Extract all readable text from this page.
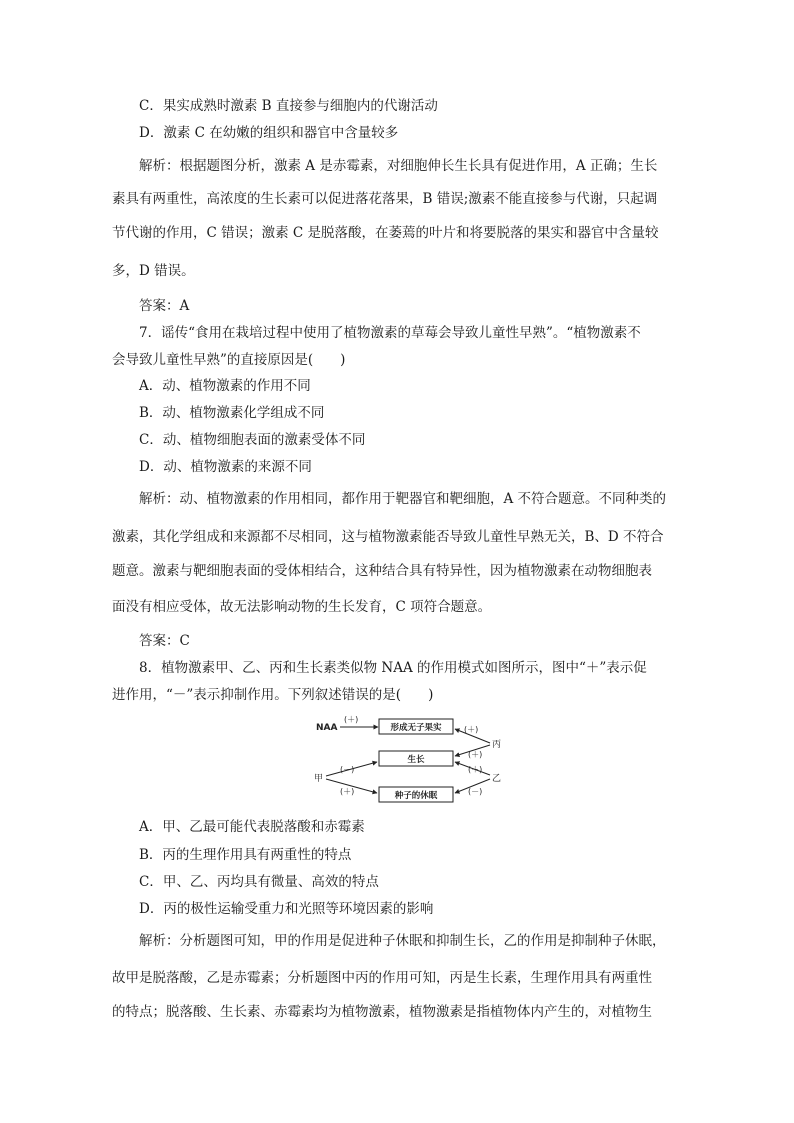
C．果实成熟时激素 B 直接参与细胞内的代谢活动
D．激素 C 在幼嫩的组织和器官中含量较多
解析：根据题图分析，激素 A 是赤霉素，对细胞伸长生长具有促进作用，A 正确；生长
素具有两重性，高浓度的生长素可以促进落花落果，B 错误;激素不能直接参与代谢，只起调
节代谢的作用，C 错误；激素 C 是脱落酸，在萎蔫的叶片和将要脱落的果实和器官中含量较
多，D 错误。
答案：A
7．谣传“食用在栽培过程中使用了植物激素的草莓会导致儿童性早熟”。“植物激素不
会导致儿童性早熟”的直接原因是(　　)
A．动、植物激素的作用不同
B．动、植物激素化学组成不同
C．动、植物细胞表面的激素受体不同
D．动、植物激素的来源不同
解析：动、植物激素的作用相同，都作用于靶器官和靶细胞，A 不符合题意。不同种类的
激素，其化学组成和来源都不尽相同，这与植物激素能否导致儿童性早熟无关，B、D 不符合
题意。激素与靶细胞表面的受体相结合，这种结合具有特异性，因为植物激素在动物细胞表
面没有相应受体，故无法影响动物的生长发育，C 项符合题意。
答案：C
8．植物激素甲、乙、丙和生长素类似物 NAA 的作用模式如图所示，图中“＋”表示促
进作用，“－”表示抑制作用。下列叙述错误的是(　　)
NAA
(＋)
形成无子果实
生长
种子的休眠
丙
(＋)
(＋)
乙
(＋)
(－)
甲
(－)
(＋)
A．甲、乙最可能代表脱落酸和赤霉素
B．丙的生理作用具有两重性的特点
C．甲、乙、丙均具有微量、高效的特点
D．丙的极性运输受重力和光照等环境因素的影响
解析：分析题图可知，甲的作用是促进种子休眠和抑制生长，乙的作用是抑制种子休眠，
故甲是脱落酸，乙是赤霉素；分析题图中丙的作用可知，丙是生长素，生理作用具有两重性
的特点；脱落酸、生长素、赤霉素均为植物激素，植物激素是指植物体内产生的，对植物生
